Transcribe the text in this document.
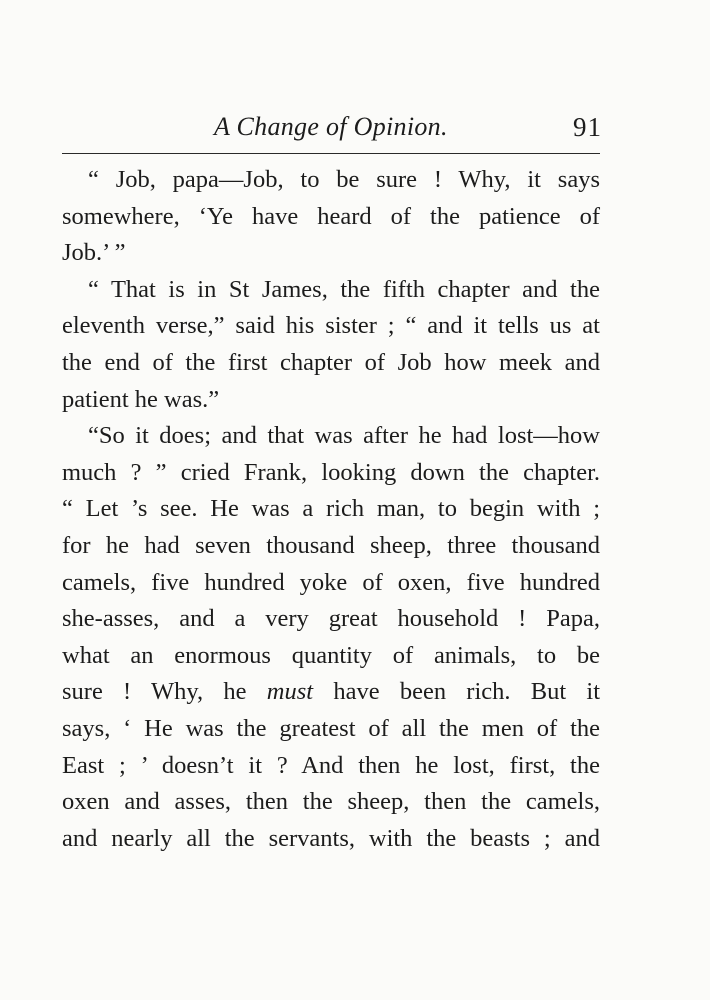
A Change of Opinion.	91
“ Job, papa—Job, to be sure ! Why, it says
somewhere, ‘Ye have heard of the patience of
Job.’ ”
“ That is in St James, the fifth chapter and the
eleventh verse,” said his sister ; “ and it tells us at
the end of the first chapter of Job how meek and
patient he was.”
“So it does; and that was after he had lost—how
much ? ” cried Frank, looking down the chapter.
“ Let ’s see. He was a rich man, to begin with ;
for he had seven thousand sheep, three thousand
camels, five hundred yoke of oxen, five hundred
she-asses, and a very great household ! Papa,
what an enormous quantity of animals, to be
sure ! Why, he must have been rich. But it
says, ‘ He was the greatest of all the men of the
East ; ’ doesn’t it ? And then he lost, first, the
oxen and asses, then the sheep, then the camels,
and nearly all the servants, with the beasts ; and
